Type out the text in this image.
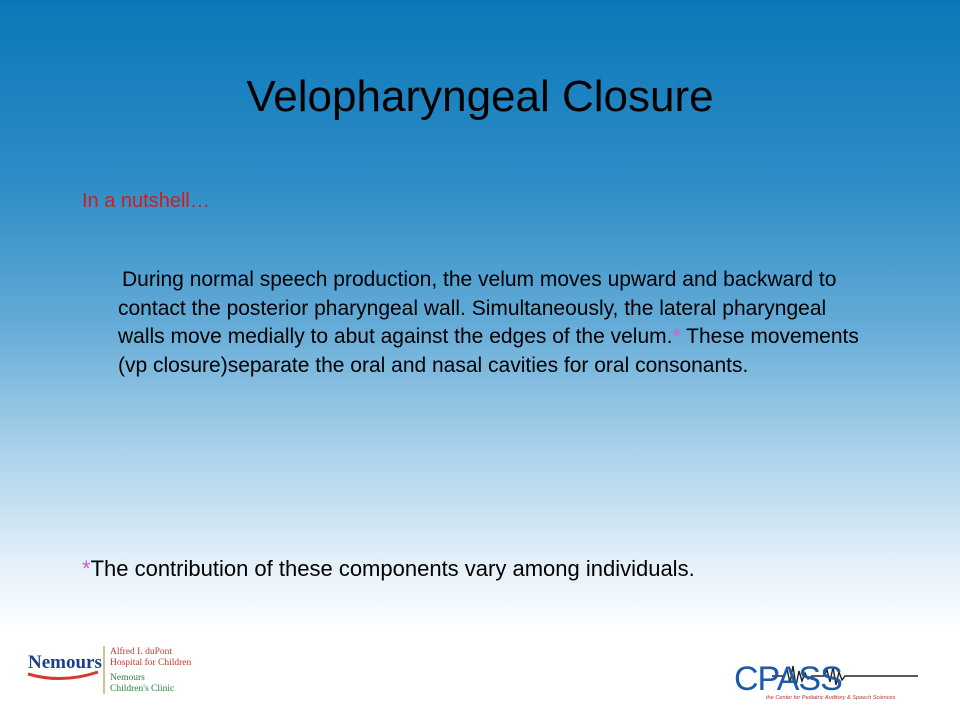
Velopharyngeal Closure

In a nutshell…

During normal speech production, the velum moves upward and backward to contact the posterior pharyngeal wall. Simultaneously, the lateral pharyngeal walls move medially to abut against the edges of the velum.* These movements (vp closure)separate the oral and nasal cavities for oral consonants.

*The contribution of these components vary among individuals.

Nemours Alfred I. duPont
Hospital for Children
Nemours
Children's Clinic	CPASS
the Center for Pediatric Auditory & Speech Sciences
